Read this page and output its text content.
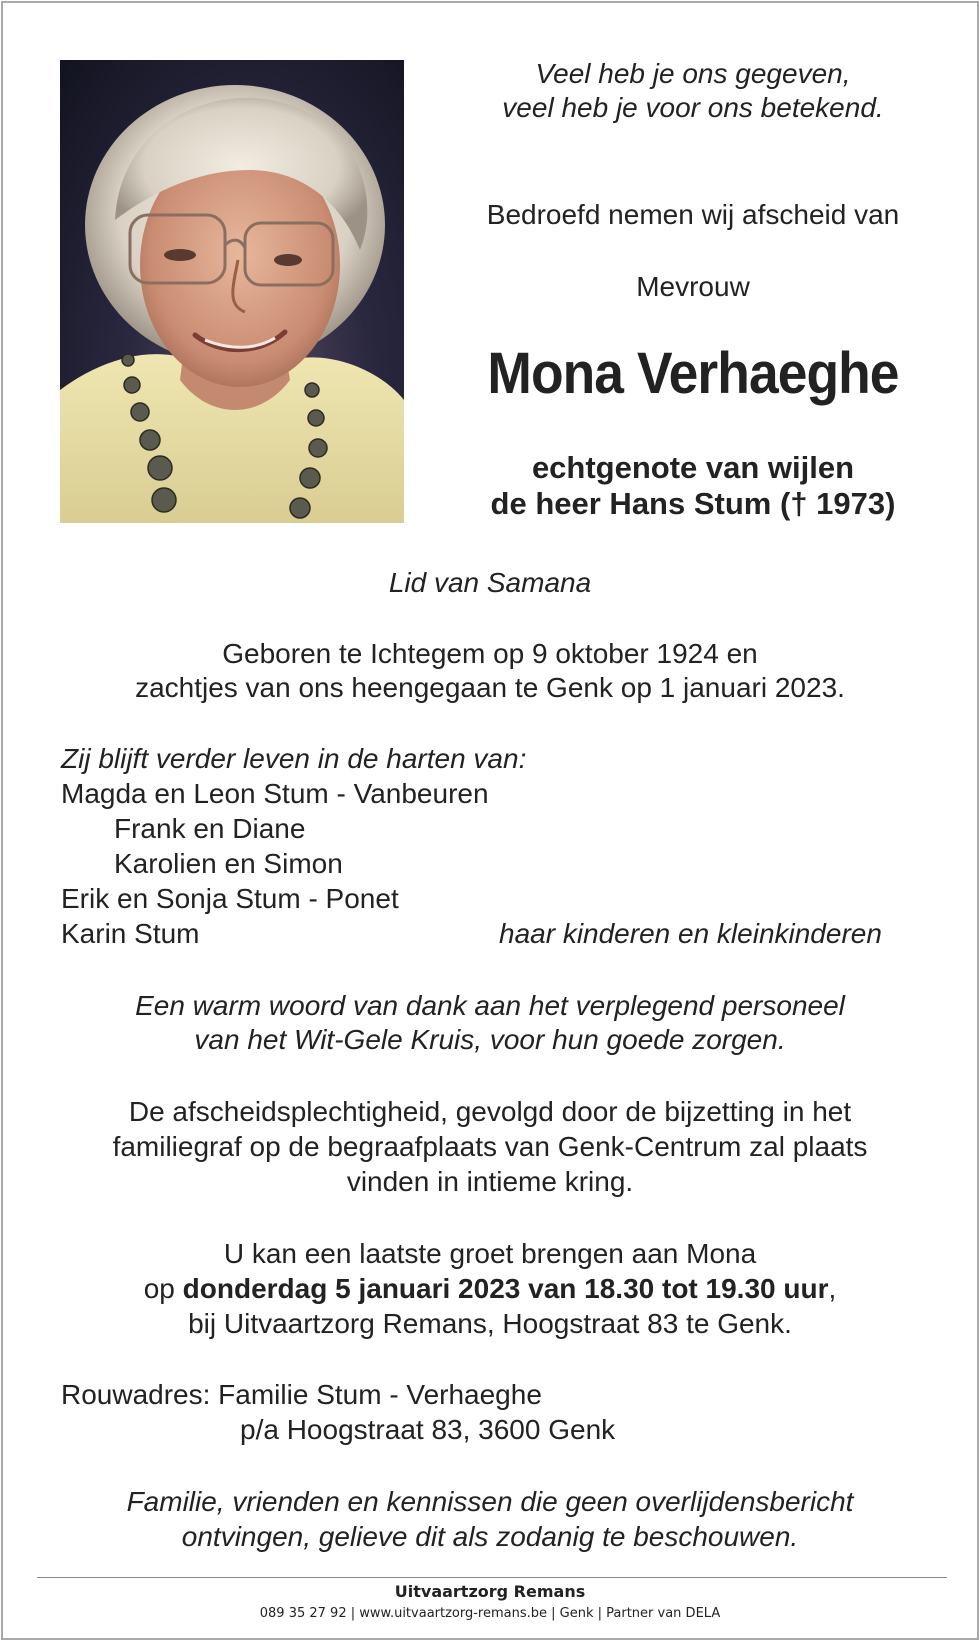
Veel heb je ons gegeven,
veel heb je voor ons betekend.
Bedroefd nemen wij afscheid van
Mevrouw
Mona Verhaeghe
echtgenote van wijlen
de heer Hans Stum († 1973)
Lid van Samana
Geboren te Ichtegem op 9 oktober 1924 en
zachtjes van ons heengegaan te Genk op 1 januari 2023.
Zij blijft verder leven in de harten van:
Magda en Leon Stum - Vanbeuren
Frank en Diane
Karolien en Simon
Erik en Sonja Stum - Ponet
Karin Stum	haar kinderen en kleinkinderen
Een warm woord van dank aan het verplegend personeel
van het Wit-Gele Kruis, voor hun goede zorgen.
De afscheidsplechtigheid, gevolgd door de bijzetting in het
familiegraf op de begraafplaats van Genk-Centrum zal plaats
vinden in intieme kring.
U kan een laatste groet brengen aan Mona
op donderdag 5 januari 2023 van 18.30 tot 19.30 uur,
bij Uitvaartzorg Remans, Hoogstraat 83 te Genk.
Rouwadres: Familie Stum - Verhaeghe
p/a Hoogstraat 83, 3600 Genk
Familie, vrienden en kennissen die geen overlijdensbericht
ontvingen, gelieve dit als zodanig te beschouwen.
Uitvaartzorg Remans
089 35 27 92 | www.uitvaartzorg-remans.be | Genk | Partner van DELA
